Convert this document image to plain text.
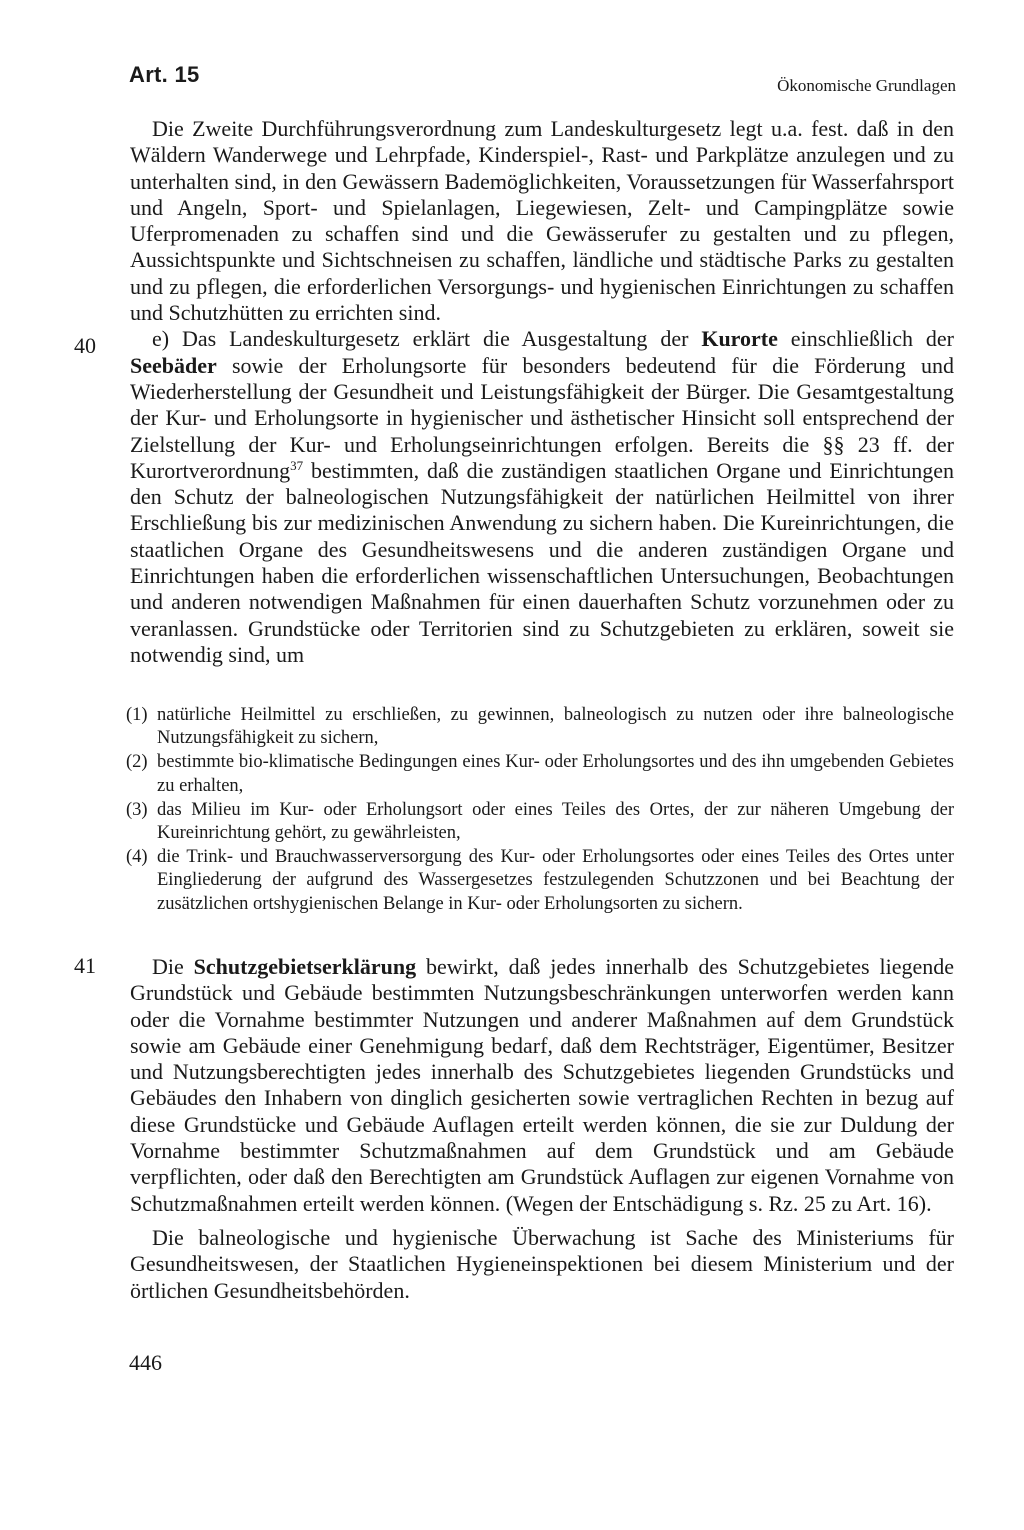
Art. 15	Ökonomische Grundlagen

Die Zweite Durchführungsverordnung zum Landeskulturgesetz legt u.a. fest. daß in den Wäldern Wanderwege und Lehrpfade, Kinderspiel-, Rast- und Parkplätze anzulegen und zu unterhalten sind, in den Gewässern Bademöglichkeiten, Voraussetzungen für Wasserfahrsport und Angeln, Sport- und Spielanlagen, Liegewiesen, Zelt- und Campingplätze sowie Uferpromenaden zu schaffen sind und die Gewässerufer zu gestalten und zu pflegen, Aussichtspunkte und Sichtschneisen zu schaffen, ländliche und städtische Parks zu gestalten und zu pflegen, die erforderlichen Versorgungs- und hygienischen Einrichtungen zu schaffen und Schutzhütten zu errichten sind.

e) Das Landeskulturgesetz erklärt die Ausgestaltung der Kurorte einschließlich der Seebäder sowie der Erholungsorte für besonders bedeutend für die Förderung und Wiederherstellung der Gesundheit und Leistungsfähigkeit der Bürger. Die Gesamtgestaltung der Kur- und Erholungsorte in hygienischer und ästhetischer Hinsicht soll entsprechend der Zielstellung der Kur- und Erholungseinrichtungen erfolgen. Bereits die §§ 23 ff. der Kurortverordnung$^{37}$ bestimmten, daß die zuständigen staatlichen Organe und Einrichtungen den Schutz der balneologischen Nutzungsfähigkeit der natürlichen Heilmittel von ihrer Erschließung bis zur medizinischen Anwendung zu sichern haben. Die Kureinrichtungen, die staatlichen Organe des Gesundheitswesens und die anderen zuständigen Organe und Einrichtungen haben die erforderlichen wissenschaftlichen Untersuchungen, Beobachtungen und anderen notwendigen Maßnahmen für einen dauerhaften Schutz vorzunehmen oder zu veranlassen. Grundstücke oder Territorien sind zu Schutzgebieten zu erklären, soweit sie notwendig sind, um

40
(1) natürliche Heilmittel zu erschließen, zu gewinnen, balneologisch zu nutzen oder ihre balneologische Nutzungsfähigkeit zu sichern,
(2) bestimmte bio-klimatische Bedingungen eines Kur- oder Erholungsortes und des ihn umgebenden Gebietes zu erhalten,
(3) das Milieu im Kur- oder Erholungsort oder eines Teiles des Ortes, der zur näheren Umgebung der Kureinrichtung gehört, zu gewährleisten,
(4) die Trink- und Brauchwasserversorgung des Kur- oder Erholungsortes oder eines Teiles des Ortes unter Eingliederung der aufgrund des Wassergesetzes festzulegenden Schutzzonen und bei Beachtung der zusätzlichen ortshygienischen Belange in Kur- oder Erholungsorten zu sichern.

Die Schutzgebietserklärung bewirkt, daß jedes innerhalb des Schutzgebietes liegende Grundstück und Gebäude bestimmten Nutzungsbeschränkungen unterworfen werden kann oder die Vornahme bestimmter Nutzungen und anderer Maßnahmen auf dem Grundstück sowie am Gebäude einer Genehmigung bedarf, daß dem Rechtsträger, Eigentümer, Besitzer und Nutzungsberechtigten jedes innerhalb des Schutzgebietes liegenden Grundstücks und Gebäudes den Inhabern von dinglich gesicherten sowie vertraglichen Rechten in bezug auf diese Grundstücke und Gebäude Auflagen erteilt werden können, die sie zur Duldung der Vornahme bestimmter Schutzmaßnahmen auf dem Grundstück und am Gebäude verpflichten, oder daß den Berechtigten am Grundstück Auflagen zur eigenen Vornahme von Schutzmaßnahmen erteilt werden können. (Wegen der Entschädigung s. Rz. 25 zu Art. 16).

Die balneologische und hygienische Überwachung ist Sache des Ministeriums für Gesundheitswesen, der Staatlichen Hygieneinspektionen bei diesem Ministerium und der örtlichen Gesundheitsbehörden.

41
446
